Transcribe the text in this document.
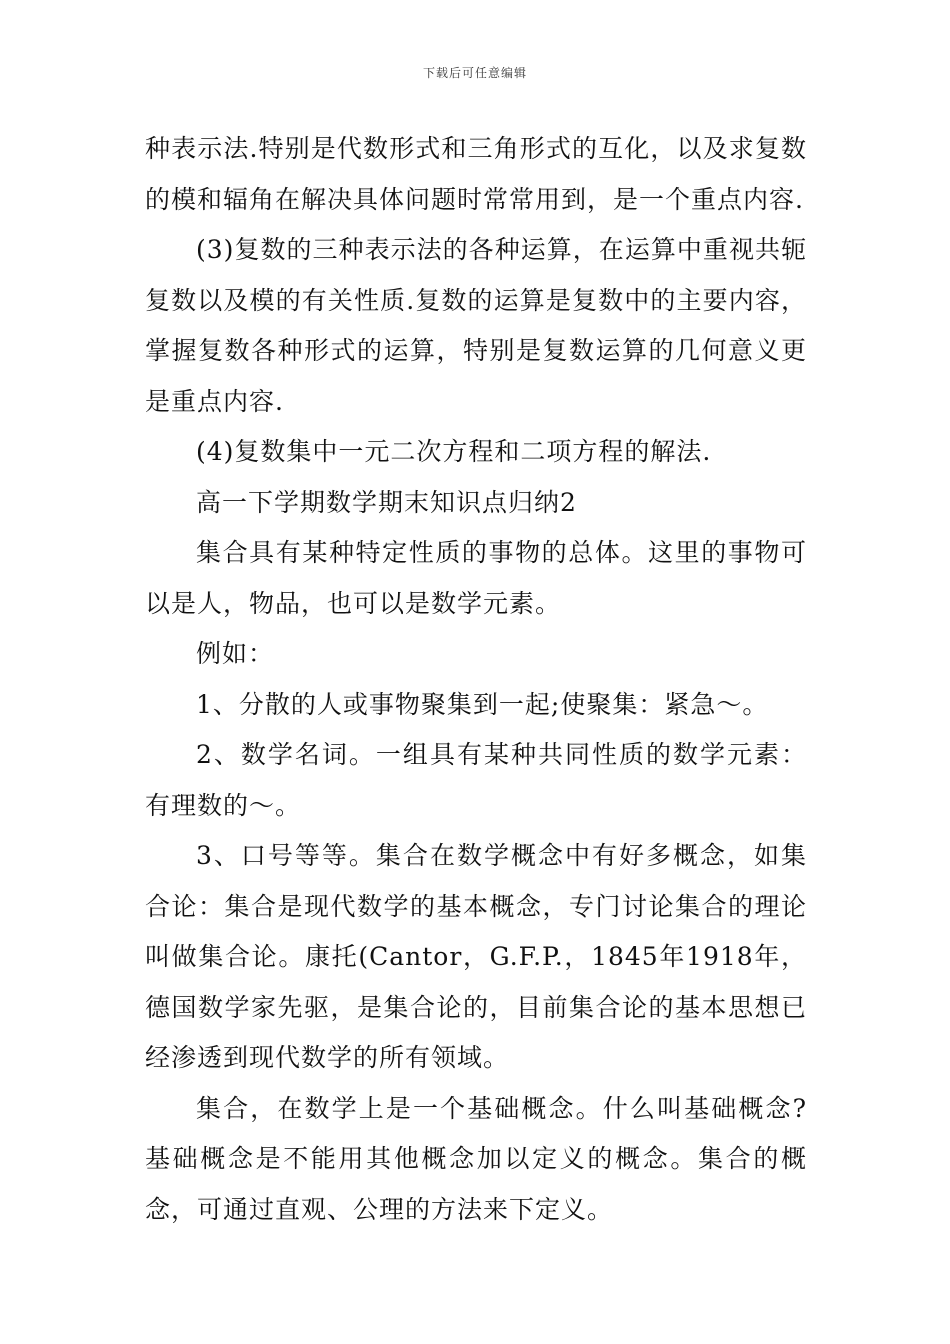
下载后可任意编辑

种表示法.特别是代数形式和三角形式的互化，以及求复数的模和辐角在解决具体问题时常常用到，是一个重点内容.

(3)复数的三种表示法的各种运算，在运算中重视共轭复数以及模的有关性质.复数的运算是复数中的主要内容，掌握复数各种形式的运算，特别是复数运算的几何意义更是重点内容.

(4)复数集中一元二次方程和二项方程的解法.

高一下学期数学期末知识点归纳2

集合具有某种特定性质的事物的总体。这里的事物可以是人，物品，也可以是数学元素。

例如：

1、分散的人或事物聚集到一起;使聚集：紧急～。

2、数学名词。一组具有某种共同性质的数学元素：有理数的～。

3、口号等等。集合在数学概念中有好多概念，如集合论：集合是现代数学的基本概念，专门讨论集合的理论叫做集合论。康托(Cantor，G.F.P.，1845年1918年，德国数学家先驱，是集合论的，目前集合论的基本思想已经渗透到现代数学的所有领域。

集合，在数学上是一个基础概念。什么叫基础概念?基础概念是不能用其他概念加以定义的概念。集合的概念，可通过直观、公理的方法来下定义。
